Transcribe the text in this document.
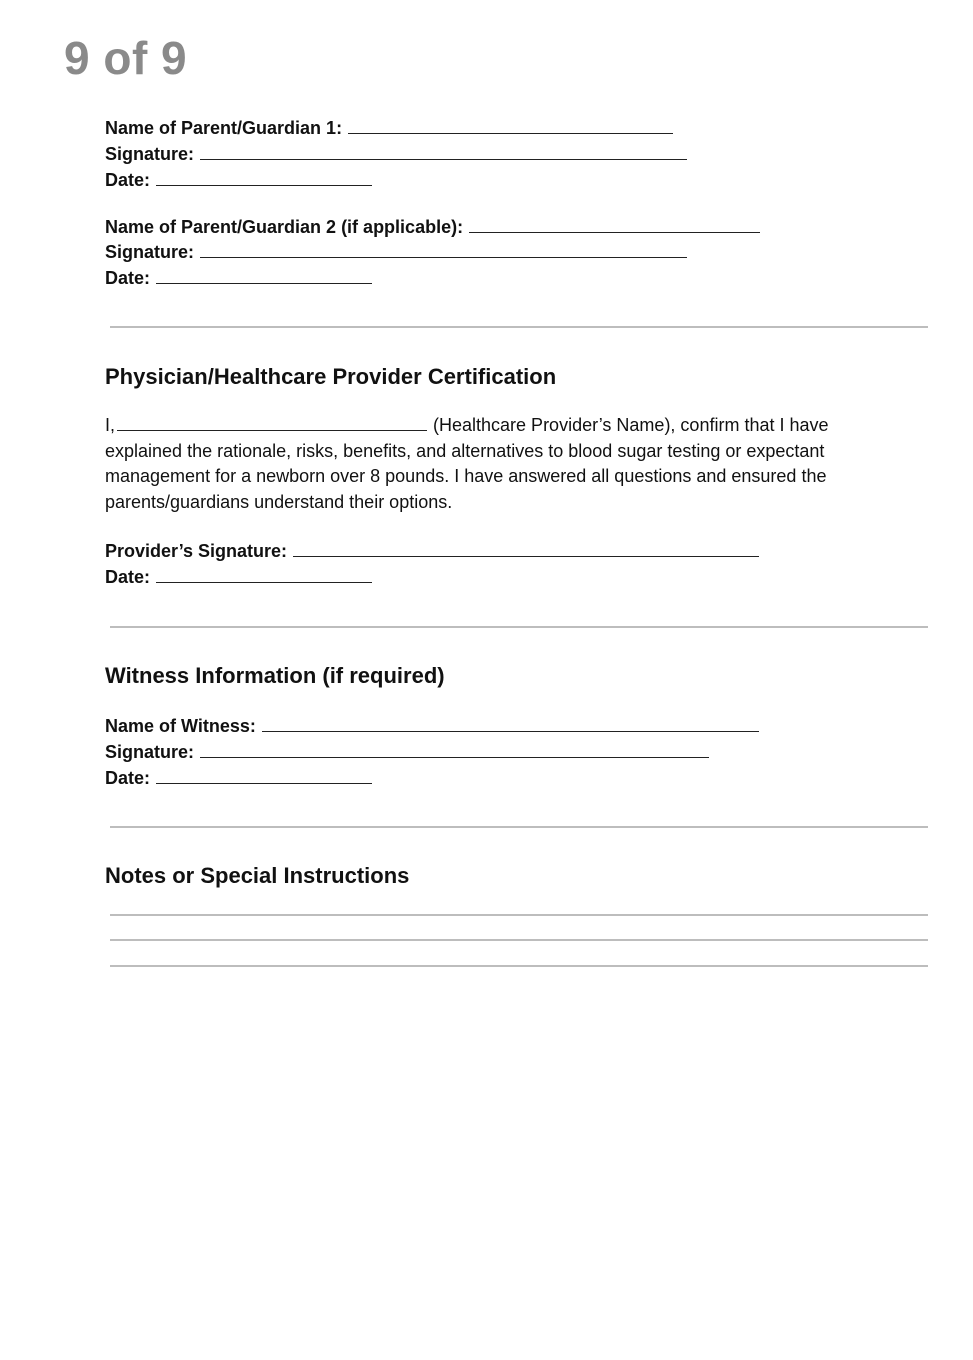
9 of 9
Name of Parent/Guardian 1:
Signature:
Date:
Name of Parent/Guardian 2 (if applicable):
Signature:
Date:
Physician/Healthcare Provider Certification
I,	(Healthcare Provider’s Name), confirm that I have explained the rationale, risks, benefits, and alternatives to blood sugar testing or expectant management for a newborn over 8 pounds. I have answered all questions and ensured the parents/guardians understand their options.
Provider’s Signature:
Date:
Witness Information (if required)
Name of Witness:
Signature:
Date:
Notes or Special Instructions
